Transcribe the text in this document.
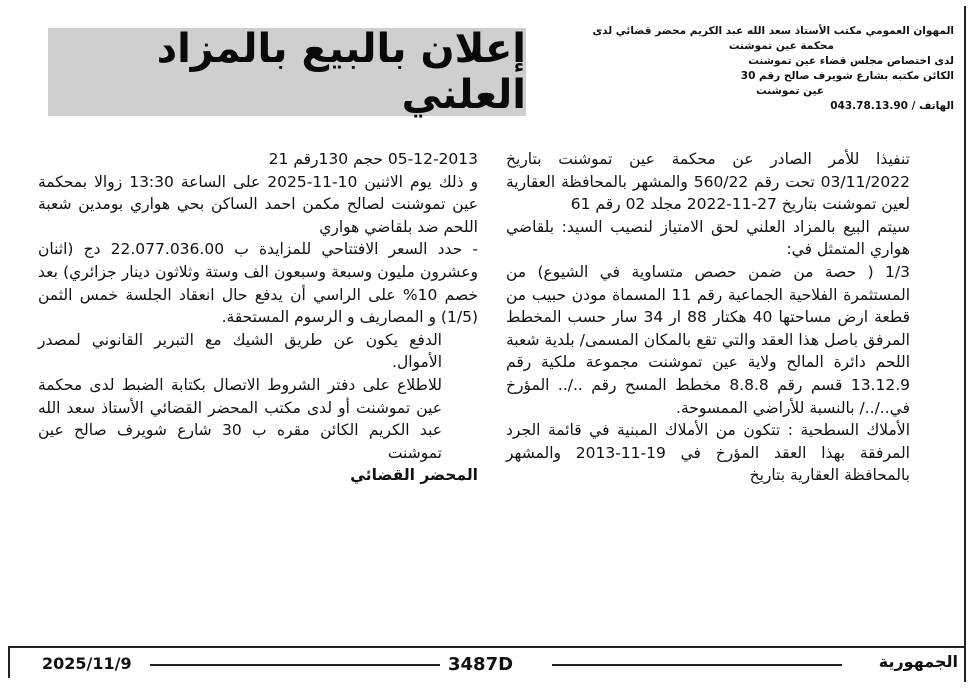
إعلان بالبيع بالمزاد العلني
المهوان العمومي مكتب الأستاذ سعد الله عبد الكريم محضر قضائي لدى
محكمة عين تموشنت
لدى اختصاص مجلس قضاء عين تموشنت
الكائن مكتبه بشارع شويرف صالح رقم 30
عين تموشنت
الهاتف / 043.78.13.90

تنفيذا للأمر الصادر عن محكمة عين تموشنت بتاريخ 03/11/2022 تحت رقم 560/22 والمشهر بالمحافظة العقارية لعين تموشنت بتاريخ 27-11-2022 مجلد 02 رقم 61

سيتم البيع بالمزاد العلني لحق الامتياز لنصيب السيد: بلقاضي هواري المتمثل في:

1/3 ( حصة من ضمن حصص متساوية في الشيوع) من المستثمرة الفلاحية الجماعية رقم 11 المسماة مودن حبيب من قطعة ارض مساحتها 40 هكتار 88 ار 34 سار حسب المخطط المرفق باصل هذا العقد والتي تقع بالمكان المسمى/ بلدية شعبة اللحم دائرة المالح ولاية عين تموشنت مجموعة ملكية رقم 13.12.9 قسم رقم 8.8.8 مخطط المسح رقم ../.. المؤرخ في../../ بالنسبة للأراضي الممسوحة.

الأملاك السطحية : تتكون من الأملاك المبنية في قائمة الجرد المرفقة بهذا العقد المؤرخ في 19-11-2013 والمشهر بالمحافظة العقارية بتاريخ

05-12-2013 حجم 130رقم 21

و ذلك يوم الاثنين 10-11-2025 على الساعة 13:30 زوالا بمحكمة عين تموشنت لصالح مكمن احمد الساكن بحي هواري بومدين شعبة اللحم ضد بلقاضي هواري

- حدد السعر الافتتاحي للمزايدة ب 22.077.036.00 دج (اثنان وعشرون مليون وسبعة وسبعون الف وستة وثلاثون دينار جزائري) بعد خصم 10% على الراسي أن يدفع حال انعقاد الجلسة خمس الثمن (1/5) و المصاريف و الرسوم المستحقة.

الدفع يكون عن طريق الشيك مع التبرير القانوني لمصدر الأموال.

للاطلاع على دفتر الشروط الاتصال بكتابة الضبط لدى محكمة عين تموشنت أو لدى مكتب المحضر القضائي الأستاذ سعد الله عبد الكريم الكائن مقره ب 30 شارع شويرف صالح عين تموشنت

المحضر القضائي

2025/11/9	3487D	الجمهورية
